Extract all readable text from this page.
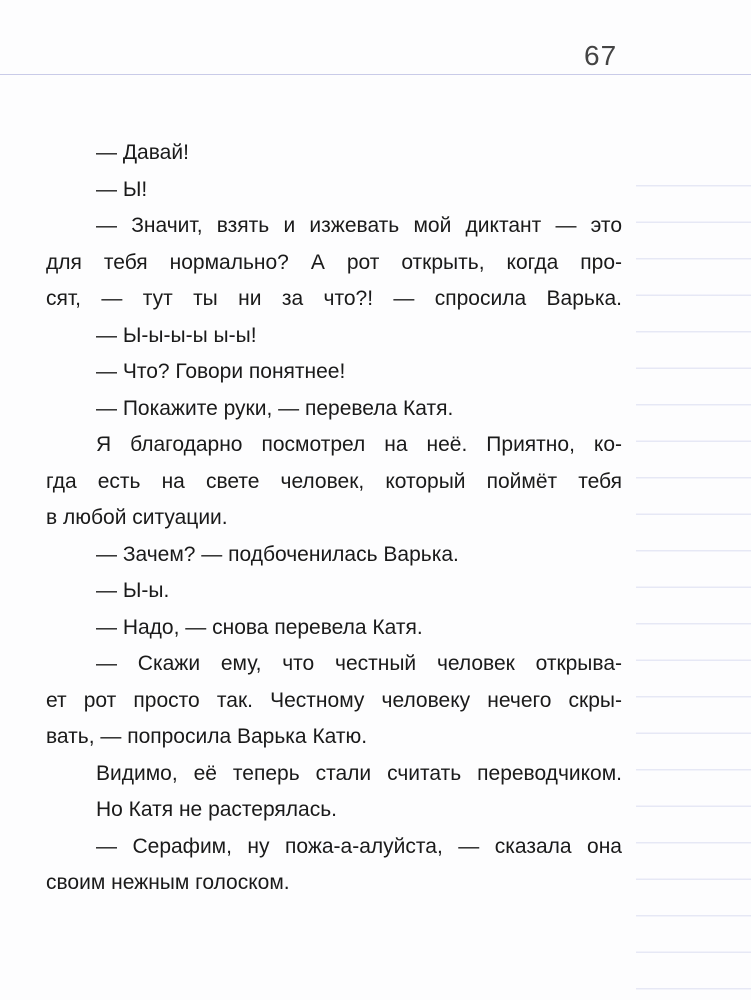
67
— Давай!
— Ы!
— Значит, взять и изжевать мой диктант — это
для тебя нормально? А рот открыть, когда про-
сят, — тут ты ни за что?! — спросила Варька.
— Ы-ы-ы-ы ы-ы!
— Что? Говори понятнее!
— Покажите руки, — перевела Катя.
Я благодарно посмотрел на неё. Приятно, ко-
гда есть на свете человек, который поймёт тебя
в любой ситуации.
— Зачем? — подбоченилась Варька.
— Ы-ы.
— Надо, — снова перевела Катя.
— Скажи ему, что честный человек открыва-
ет рот просто так. Честному человеку нечего скры-
вать, — попросила Варька Катю.
Видимо, её теперь стали считать переводчиком.
Но Катя не растерялась.
— Серафим, ну пожа-а-алуйста, — сказала она
своим нежным голоском.
